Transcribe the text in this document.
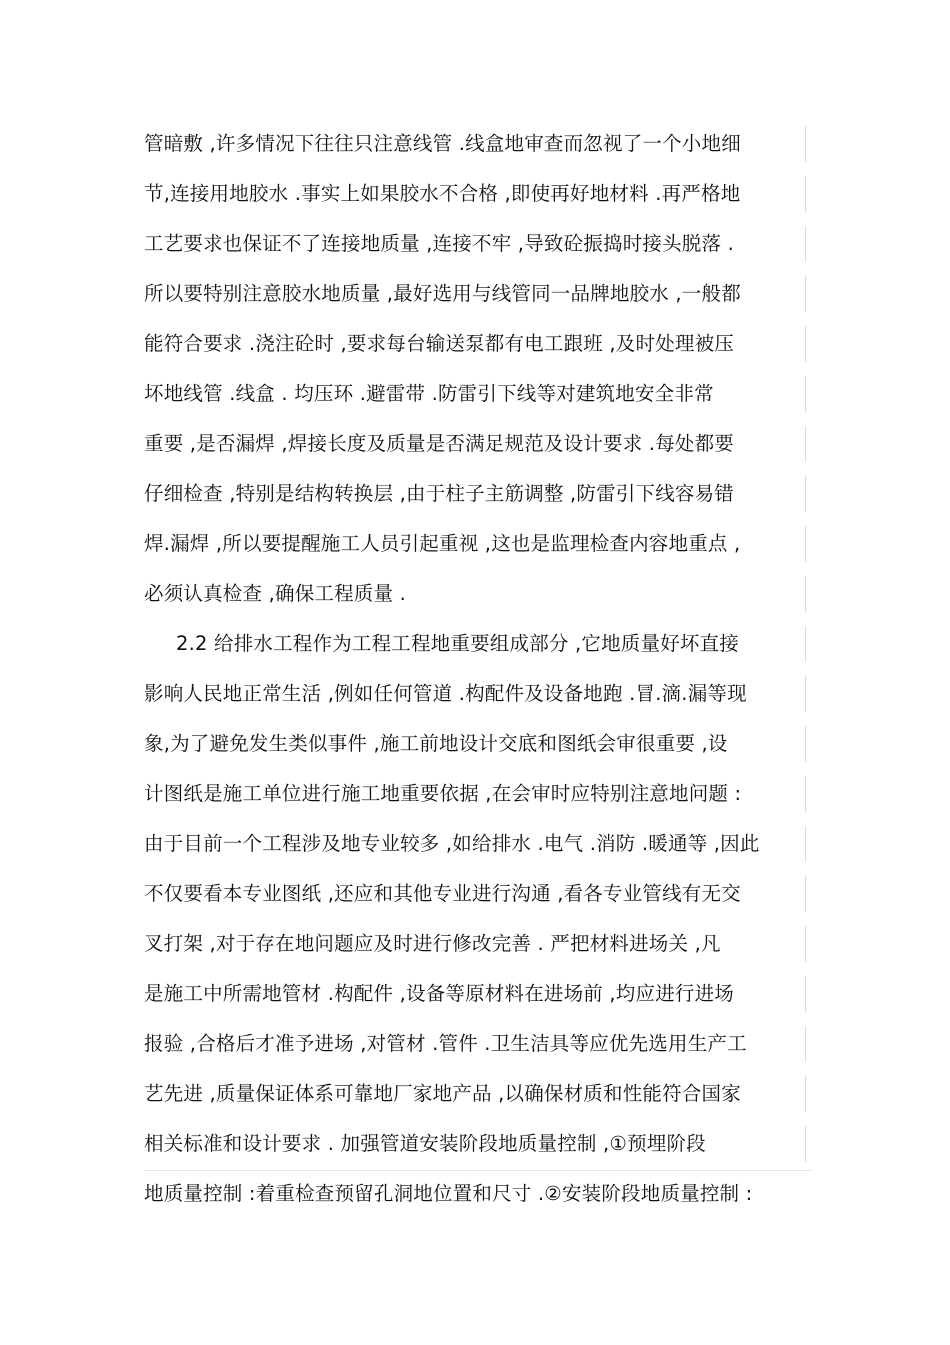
管暗敷 ,许多情况下往往只注意线管 .线盒地审查而忽视了一个小地细
节,连接用地胶水 .事实上如果胶水不合格 ,即使再好地材料 .再严格地
工艺要求也保证不了连接地质量 ,连接不牢 ,导致砼振捣时接头脱落 .
所以要特别注意胶水地质量 ,最好选用与线管同一品牌地胶水 ,一般都
能符合要求 .浇注砼时 ,要求每台输送泵都有电工跟班 ,及时处理被压
坏地线管 .线盒 . 均压环 .避雷带 .防雷引下线等对建筑地安全非常
重要 ,是否漏焊 ,焊接长度及质量是否满足规范及设计要求 .每处都要
仔细检查 ,特别是结构转换层 ,由于柱子主筋调整 ,防雷引下线容易错
焊.漏焊 ,所以要提醒施工人员引起重视 ,这也是监理检查内容地重点 ,
必须认真检查 ,确保工程质量 .
2.2 给排水工程作为工程工程地重要组成部分 ,它地质量好坏直接
影响人民地正常生活 ,例如任何管道 .构配件及设备地跑 .冒.滴.漏等现
象,为了避免发生类似事件 ,施工前地设计交底和图纸会审很重要 ,设
计图纸是施工单位进行施工地重要依据 ,在会审时应特别注意地问题 :
由于目前一个工程涉及地专业较多 ,如给排水 .电气 .消防 .暖通等 ,因此
不仅要看本专业图纸 ,还应和其他专业进行沟通 ,看各专业管线有无交
叉打架 ,对于存在地问题应及时进行修改完善 . 严把材料进场关 ,凡
是施工中所需地管材 .构配件 ,设备等原材料在进场前 ,均应进行进场
报验 ,合格后才准予进场 ,对管材 .管件 .卫生洁具等应优先选用生产工
艺先进 ,质量保证体系可靠地厂家地产品 ,以确保材质和性能符合国家
相关标准和设计要求 . 加强管道安装阶段地质量控制 ,①预埋阶段
地质量控制 :着重检查预留孔洞地位置和尺寸 .②安装阶段地质量控制 :
